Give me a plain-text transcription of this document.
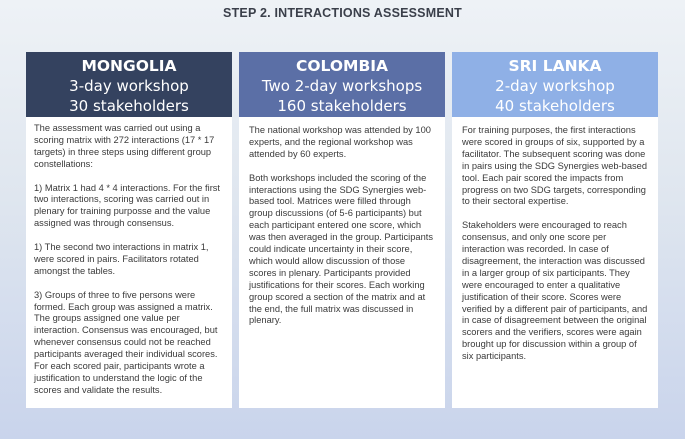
STEP 2. INTERACTIONS ASSESSMENT
MONGOLIA
3-day workshop
30 stakeholders

The assessment was carried out using a scoring matrix with 272 interactions (17 * 17 targets) in three steps using different group constellations:

1) Matrix 1 had 4 * 4 interactions. For the first two interactions, scoring was carried out in plenary for training purposse and the value assigned was through consensus.

1) The second two interactions in matrix 1, were scored in pairs. Facilitators rotated amongst the tables.

3) Groups of three to five persons were formed. Each group was assigned a matrix. The groups assigned one value per interaction. Consensus was encouraged, but whenever consensus could not be reached participants averaged their individual scores. For each scored pair, participants wrote a justification to understand the logic of the scores and validate the results.

COLOMBIA
Two 2-day workshops
160 stakeholders

The national workshop was attended by 100 experts, and the regional workshop was attended by 60 experts.

Both workshops included the scoring of the interactions using the SDG Synergies web-based tool. Matrices were filled through group discussions (of 5-6 participants) but each participant entered one score, which was then averaged in the group. Participants could indicate uncertainty in their score, which would allow discussion of those scores in plenary. Participants provided justifications for their scores. Each working group scored a section of the matrix and at the end, the full matrix was discussed in plenary.

SRI LANKA
2-day workshop
40 stakeholders

For training purposes, the first interactions were scored in groups of six, supported by a facilitator. The subsequent scoring was done in pairs using the SDG Synergies web-based tool. Each pair scored the impacts from progress on two SDG targets, corresponding to their sectoral expertise.

Stakeholders were encouraged to reach consensus, and only one score per interaction was recorded. In case of disagreement, the interaction was discussed in a larger group of six participants. They were encouraged to enter a qualitative justification of their score. Scores were verified by a different pair of participants, and in case of disagreement between the original scorers and the verifiers, scores were again brought up for discussion within a group of six participants.
